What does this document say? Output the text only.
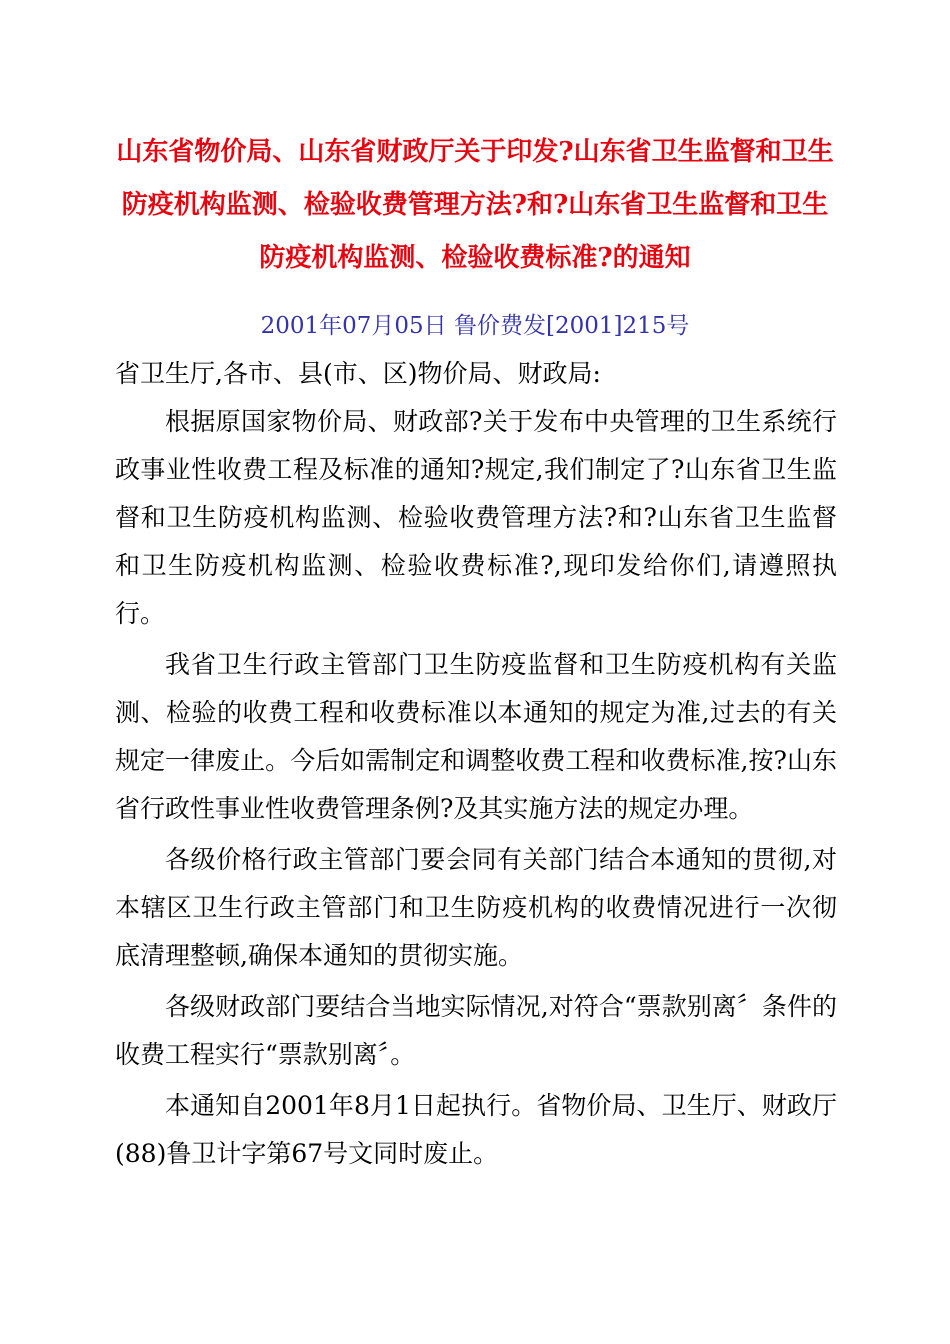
山东省物价局、山东省财政厅关于印发?山东省卫生监督和卫生防疫机构监测、检验收费管理方法?和?山东省卫生监督和卫生防疫机构监测、检验收费标准?的通知
2001年07月05日 鲁价费发[2001]215号

省卫生厅,各市、县(市、区)物价局、财政局:

根据原国家物价局、财政部?关于发布中央管理的卫生系统行政事业性收费工程及标准的通知?规定,我们制定了?山东省卫生监督和卫生防疫机构监测、检验收费管理方法?和?山东省卫生监督和卫生防疫机构监测、检验收费标准?,现印发给你们,请遵照执行。

我省卫生行政主管部门卫生防疫监督和卫生防疫机构有关监测、检验的收费工程和收费标准以本通知的规定为准,过去的有关规定一律废止。今后如需制定和调整收费工程和收费标准,按?山东省行政性事业性收费管理条例?及其实施方法的规定办理。

各级价格行政主管部门要会同有关部门结合本通知的贯彻,对本辖区卫生行政主管部门和卫生防疫机构的收费情况进行一次彻底清理整顿,确保本通知的贯彻实施。

各级财政部门要结合当地实际情况,对符合“票款别离〞条件的收费工程实行“票款别离〞。

本通知自2001年8月1日起执行。省物价局、卫生厅、财政厅(88)鲁卫计字第67号文同时废止。
